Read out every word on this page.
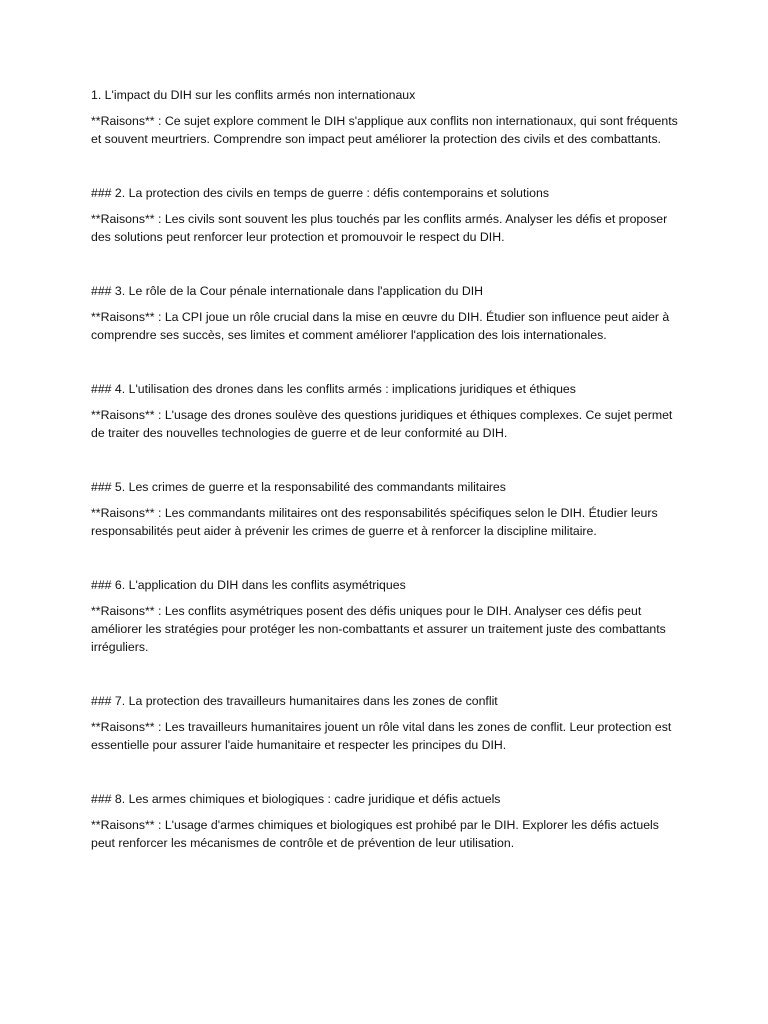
1. L'impact du DIH sur les conflits armés non internationaux

**Raisons** : Ce sujet explore comment le DIH s'applique aux conflits non internationaux, qui sont fréquents et souvent meurtriers. Comprendre son impact peut améliorer la protection des civils et des combattants.

### 2. La protection des civils en temps de guerre : défis contemporains et solutions

**Raisons** : Les civils sont souvent les plus touchés par les conflits armés. Analyser les défis et proposer des solutions peut renforcer leur protection et promouvoir le respect du DIH.

### 3. Le rôle de la Cour pénale internationale dans l'application du DIH

**Raisons** : La CPI joue un rôle crucial dans la mise en œuvre du DIH. Étudier son influence peut aider à comprendre ses succès, ses limites et comment améliorer l'application des lois internationales.

### 4. L'utilisation des drones dans les conflits armés : implications juridiques et éthiques

**Raisons** : L'usage des drones soulève des questions juridiques et éthiques complexes. Ce sujet permet de traiter des nouvelles technologies de guerre et de leur conformité au DIH.

### 5. Les crimes de guerre et la responsabilité des commandants militaires

**Raisons** : Les commandants militaires ont des responsabilités spécifiques selon le DIH. Étudier leurs responsabilités peut aider à prévenir les crimes de guerre et à renforcer la discipline militaire.

### 6. L'application du DIH dans les conflits asymétriques

**Raisons** : Les conflits asymétriques posent des défis uniques pour le DIH. Analyser ces défis peut améliorer les stratégies pour protéger les non-combattants et assurer un traitement juste des combattants irréguliers.

### 7. La protection des travailleurs humanitaires dans les zones de conflit

**Raisons** : Les travailleurs humanitaires jouent un rôle vital dans les zones de conflit. Leur protection est essentielle pour assurer l'aide humanitaire et respecter les principes du DIH.

### 8. Les armes chimiques et biologiques : cadre juridique et défis actuels

**Raisons** : L'usage d'armes chimiques et biologiques est prohibé par le DIH. Explorer les défis actuels peut renforcer les mécanismes de contrôle et de prévention de leur utilisation.
